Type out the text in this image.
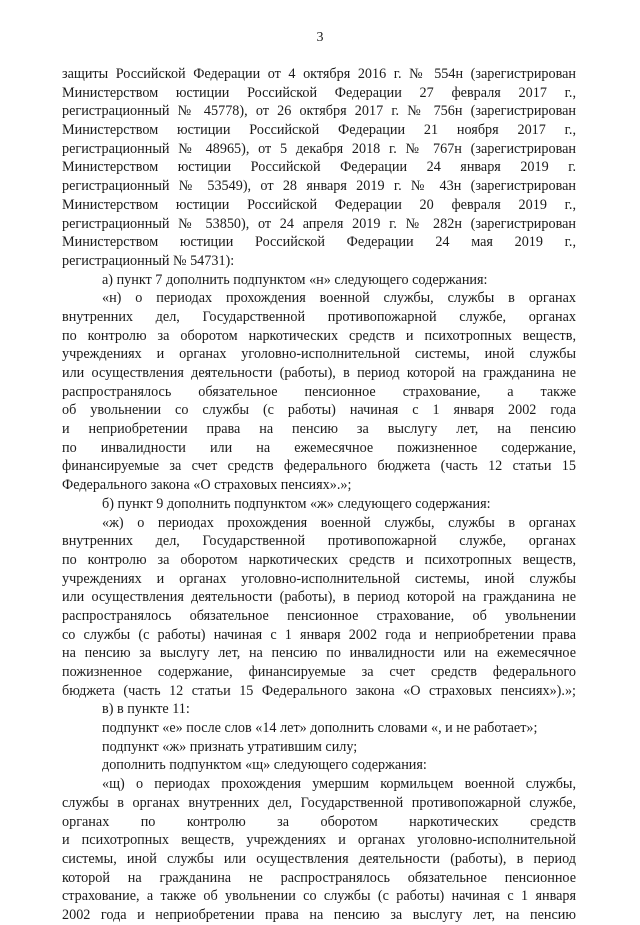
3
защиты Российской Федерации от 4 октября 2016 г. № 554н (зарегистрирован
Министерством юстиции Российской Федерации 27 февраля 2017 г.,
регистрационный № 45778), от 26 октября 2017 г. № 756н (зарегистрирован
Министерством юстиции Российской Федерации 21 ноября 2017 г.,
регистрационный № 48965), от 5 декабря 2018 г. № 767н (зарегистрирован
Министерством юстиции Российской Федерации 24 января 2019 г.
регистрационный № 53549), от 28 января 2019 г. № 43н (зарегистрирован
Министерством юстиции Российской Федерации 20 февраля 2019 г.,
регистрационный № 53850), от 24 апреля 2019 г. № 282н (зарегистрирован
Министерством юстиции Российской Федерации 24 мая 2019 г.,
регистрационный № 54731):
а) пункт 7 дополнить подпунктом «н» следующего содержания:
«н) о периодах прохождения военной службы, службы в органах
внутренних дел, Государственной противопожарной службе, органах
по контролю за оборотом наркотических средств и психотропных веществ,
учреждениях и органах уголовно-исполнительной системы, иной службы
или осуществления деятельности (работы), в период которой на гражданина не
распространялось обязательное пенсионное страхование, а также
об увольнении со службы (с работы) начиная с 1 января 2002 года
и неприобретении права на пенсию за выслугу лет, на пенсию
по инвалидности или на ежемесячное пожизненное содержание,
финансируемые за счет средств федерального бюджета (часть 12 статьи 15
Федерального закона «О страховых пенсиях».»;
б) пункт 9 дополнить подпунктом «ж» следующего содержания:
«ж) о периодах прохождения военной службы, службы в органах
внутренних дел, Государственной противопожарной службе, органах
по контролю за оборотом наркотических средств и психотропных веществ,
учреждениях и органах уголовно-исполнительной системы, иной службы
или осуществления деятельности (работы), в период которой на гражданина не
распространялось обязательное пенсионное страхование, об увольнении
со службы (с работы) начиная с 1 января 2002 года и неприобретении права
на пенсию за выслугу лет, на пенсию по инвалидности или на ежемесячное
пожизненное содержание, финансируемые за счет средств федерального
бюджета (часть 12 статьи 15 Федерального закона «О страховых пенсиях»).»;
в) в пункте 11:
подпункт «е» после слов «14 лет» дополнить словами «, и не работает»;
подпункт «ж» признать утратившим силу;
дополнить подпунктом «щ» следующего содержания:
«щ) о периодах прохождения умершим кормильцем военной службы,
службы в органах внутренних дел, Государственной противопожарной службе,
органах по контролю за оборотом наркотических средств
и психотропных веществ, учреждениях и органах уголовно-исполнительной
системы, иной службы или осуществления деятельности (работы), в период
которой на гражданина не распространялось обязательное пенсионное
страхование, а также об увольнении со службы (с работы) начиная с 1 января
2002 года и неприобретении права на пенсию за выслугу лет, на пенсию
